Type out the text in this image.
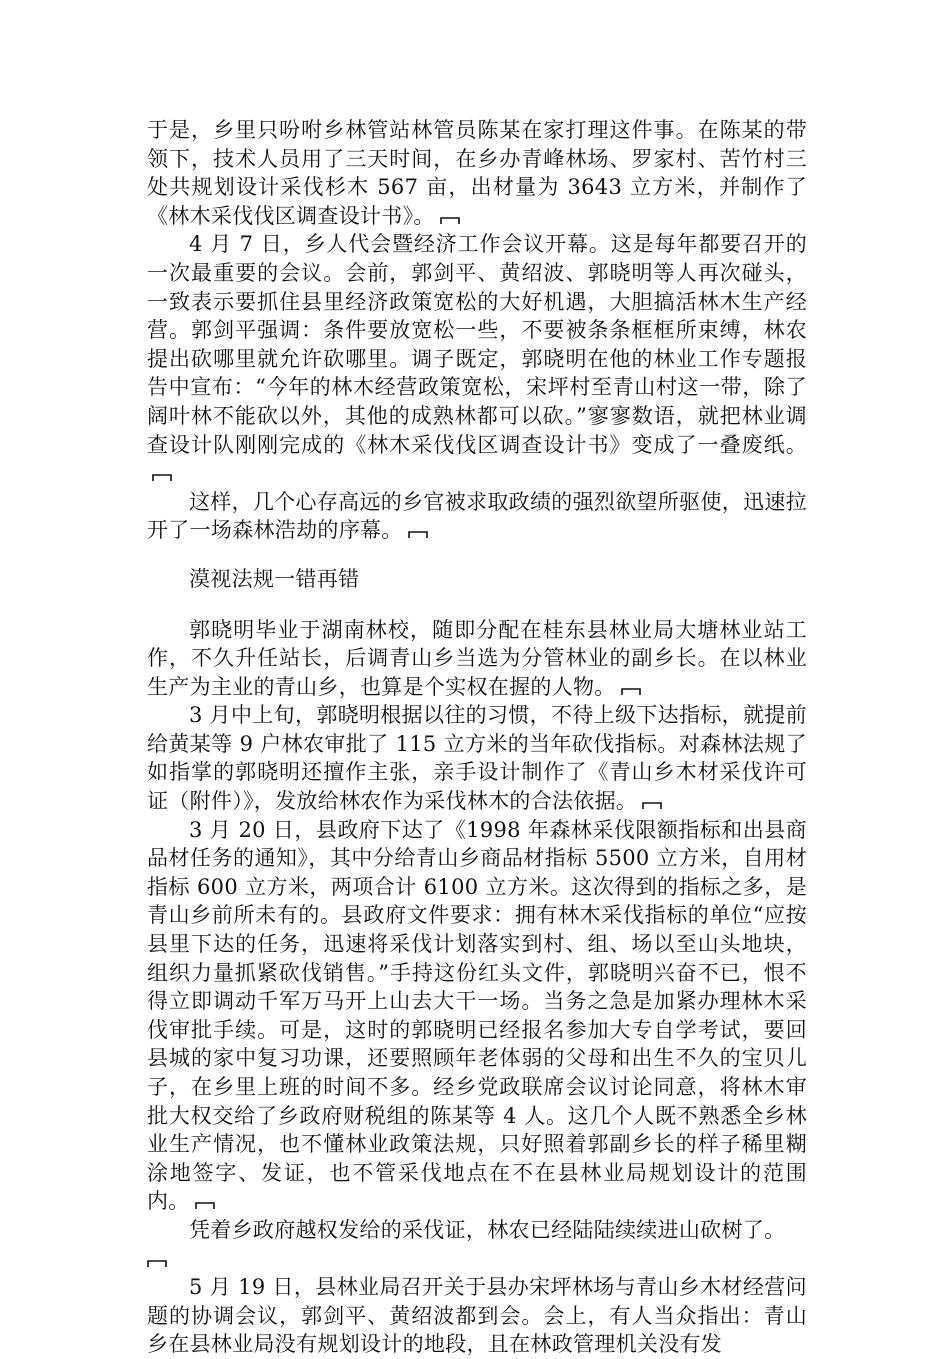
于是，乡里只吩咐乡林管站林管员陈某在家打理这件事。在陈某的带领下，技术人员用了三天时间，在乡办青峰林场、罗家村、苦竹村三处共规划设计采伐杉木 567 亩，出材量为 3643 立方米，并制作了《林木采伐伐区调查设计书》。

4 月 7 日，乡人代会暨经济工作会议开幕。这是每年都要召开的一次最重要的会议。会前，郭剑平、黄绍波、郭晓明等人再次碰头，一致表示要抓住县里经济政策宽松的大好机遇，大胆搞活林木生产经营。郭剑平强调：条件要放宽松一些，不要被条条框框所束缚，林农提出砍哪里就允许砍哪里。调子既定，郭晓明在他的林业工作专题报告中宣布：“今年的林木经营政策宽松，宋坪村至青山村这一带，除了阔叶林不能砍以外，其他的成熟林都可以砍。”寥寥数语，就把林业调查设计队刚刚完成的《林木采伐伐区调查设计书》变成了一叠废纸。

这样，几个心存高远的乡官被求取政绩的强烈欲望所驱使，迅速拉开了一场森林浩劫的序幕。

漠视法规一错再错

郭晓明毕业于湖南林校，随即分配在桂东县林业局大塘林业站工作，不久升任站长，后调青山乡当选为分管林业的副乡长。在以林业生产为主业的青山乡，也算是个实权在握的人物。

3 月中上旬，郭晓明根据以往的习惯，不待上级下达指标，就提前给黄某等 9 户林农审批了 115 立方米的当年砍伐指标。对森林法规了如指掌的郭晓明还擅作主张，亲手设计制作了《青山乡木材采伐许可证（附件）》，发放给林农作为采伐林木的合法依据。

3 月 20 日，县政府下达了《1998 年森林采伐限额指标和出县商品材任务的通知》，其中分给青山乡商品材指标 5500 立方米，自用材指标 600 立方米，两项合计 6100 立方米。这次得到的指标之多，是青山乡前所未有的。县政府文件要求：拥有林木采伐指标的单位“应按县里下达的任务，迅速将采伐计划落实到村、组、场以至山头地块，组织力量抓紧砍伐销售。”手持这份红头文件，郭晓明兴奋不已，恨不得立即调动千军万马开上山去大干一场。当务之急是加紧办理林木采伐审批手续。可是，这时的郭晓明已经报名参加大专自学考试，要回县城的家中复习功课，还要照顾年老体弱的父母和出生不久的宝贝儿子，在乡里上班的时间不多。经乡党政联席会议讨论同意，将林木审批大权交给了乡政府财税组的陈某等 4 人。这几个人既不熟悉全乡林业生产情况，也不懂林业政策法规，只好照着郭副乡长的样子稀里糊涂地签字、发证，也不管采伐地点在不在县林业局规划设计的范围内。

凭着乡政府越权发给的采伐证，林农已经陆陆续续进山砍树了。

5 月 19 日，县林业局召开关于县办宋坪林场与青山乡木材经营问题的协调会议，郭剑平、黄绍波都到会。会上，有人当众指出：青山乡在县林业局没有规划设计的地段，且在林政管理机关没有发
